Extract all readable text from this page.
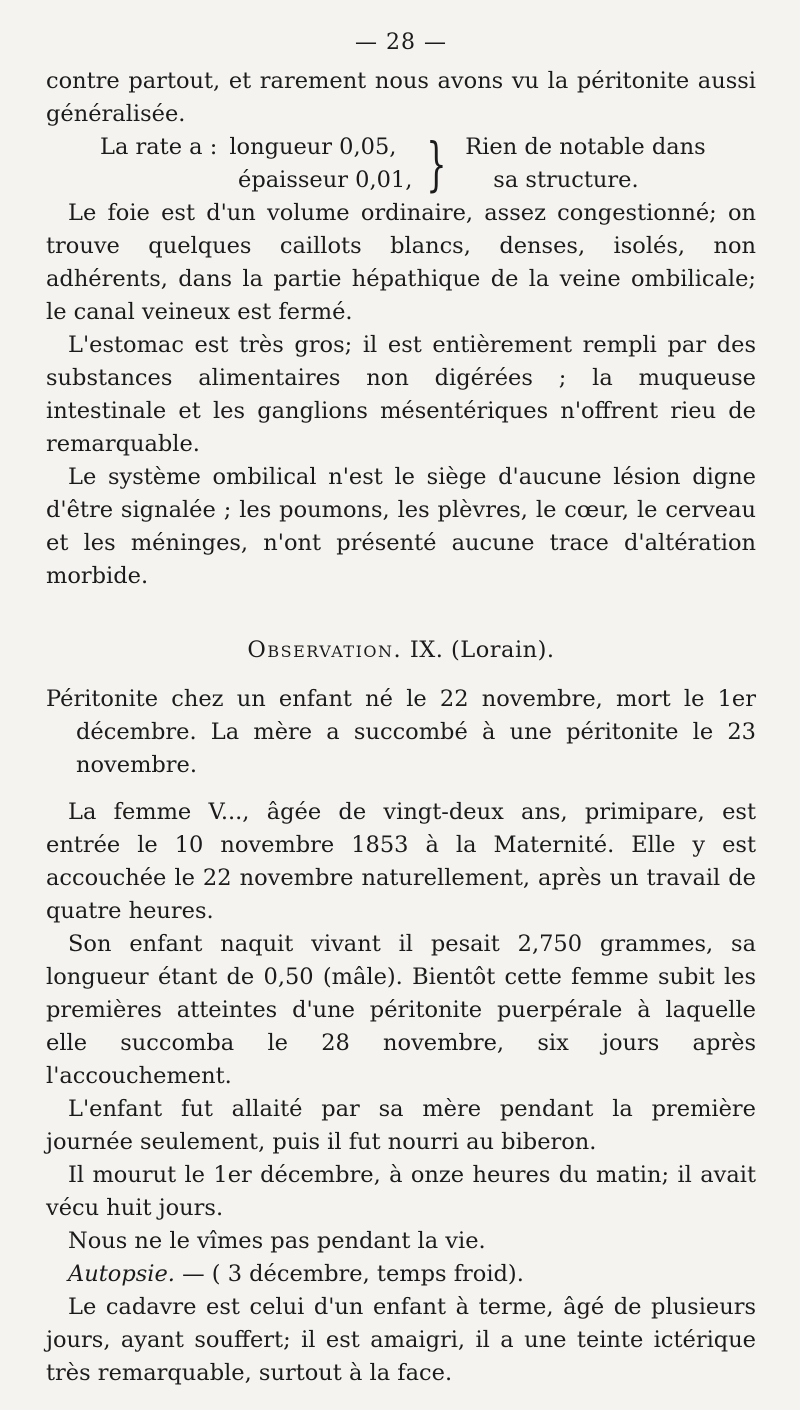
— 28 —

contre partout, et rarement nous avons vu la péritonite aussi généralisée.

La rate a : longueur 0,05,
épaisseur 0,01, } Rien de notable dans
sa structure.

Le foie est d'un volume ordinaire, assez congestionné; on trouve quelques caillots blancs, denses, isolés, non adhérents, dans la partie hépathique de la veine ombilicale; le canal veineux est fermé.

L'estomac est très gros; il est entièrement rempli par des substances alimentaires non digérées ; la muqueuse intestinale et les ganglions mésentériques n'offrent rieu de remarquable.

Le système ombilical n'est le siège d'aucune lésion digne d'être signalée ; les poumons, les plèvres, le cœur, le cerveau et les méninges, n'ont présenté aucune trace d'altération morbide.

Observation. IX. (Lorain).

Péritonite chez un enfant né le 22 novembre, mort le 1er décembre. La mère a succombé à une péritonite le 23 novembre.

La femme V..., âgée de vingt-deux ans, primipare, est entrée le 10 novembre 1853 à la Maternité. Elle y est accouchée le 22 novembre naturellement, après un travail de quatre heures.

Son enfant naquit vivant il pesait 2,750 grammes, sa longueur étant de 0,50 (mâle). Bientôt cette femme subit les premières atteintes d'une péritonite puerpérale à laquelle elle succomba le 28 novembre, six jours après l'accouchement.

L'enfant fut allaité par sa mère pendant la première journée seulement, puis il fut nourri au biberon.

Il mourut le 1er décembre, à onze heures du matin; il avait vécu huit jours.

Nous ne le vîmes pas pendant la vie.

Autopsie. — ( 3 décembre, temps froid).

Le cadavre est celui d'un enfant à terme, âgé de plusieurs jours, ayant souffert; il est amaigri, il a une teinte ictérique très remarquable, surtout à la face.
